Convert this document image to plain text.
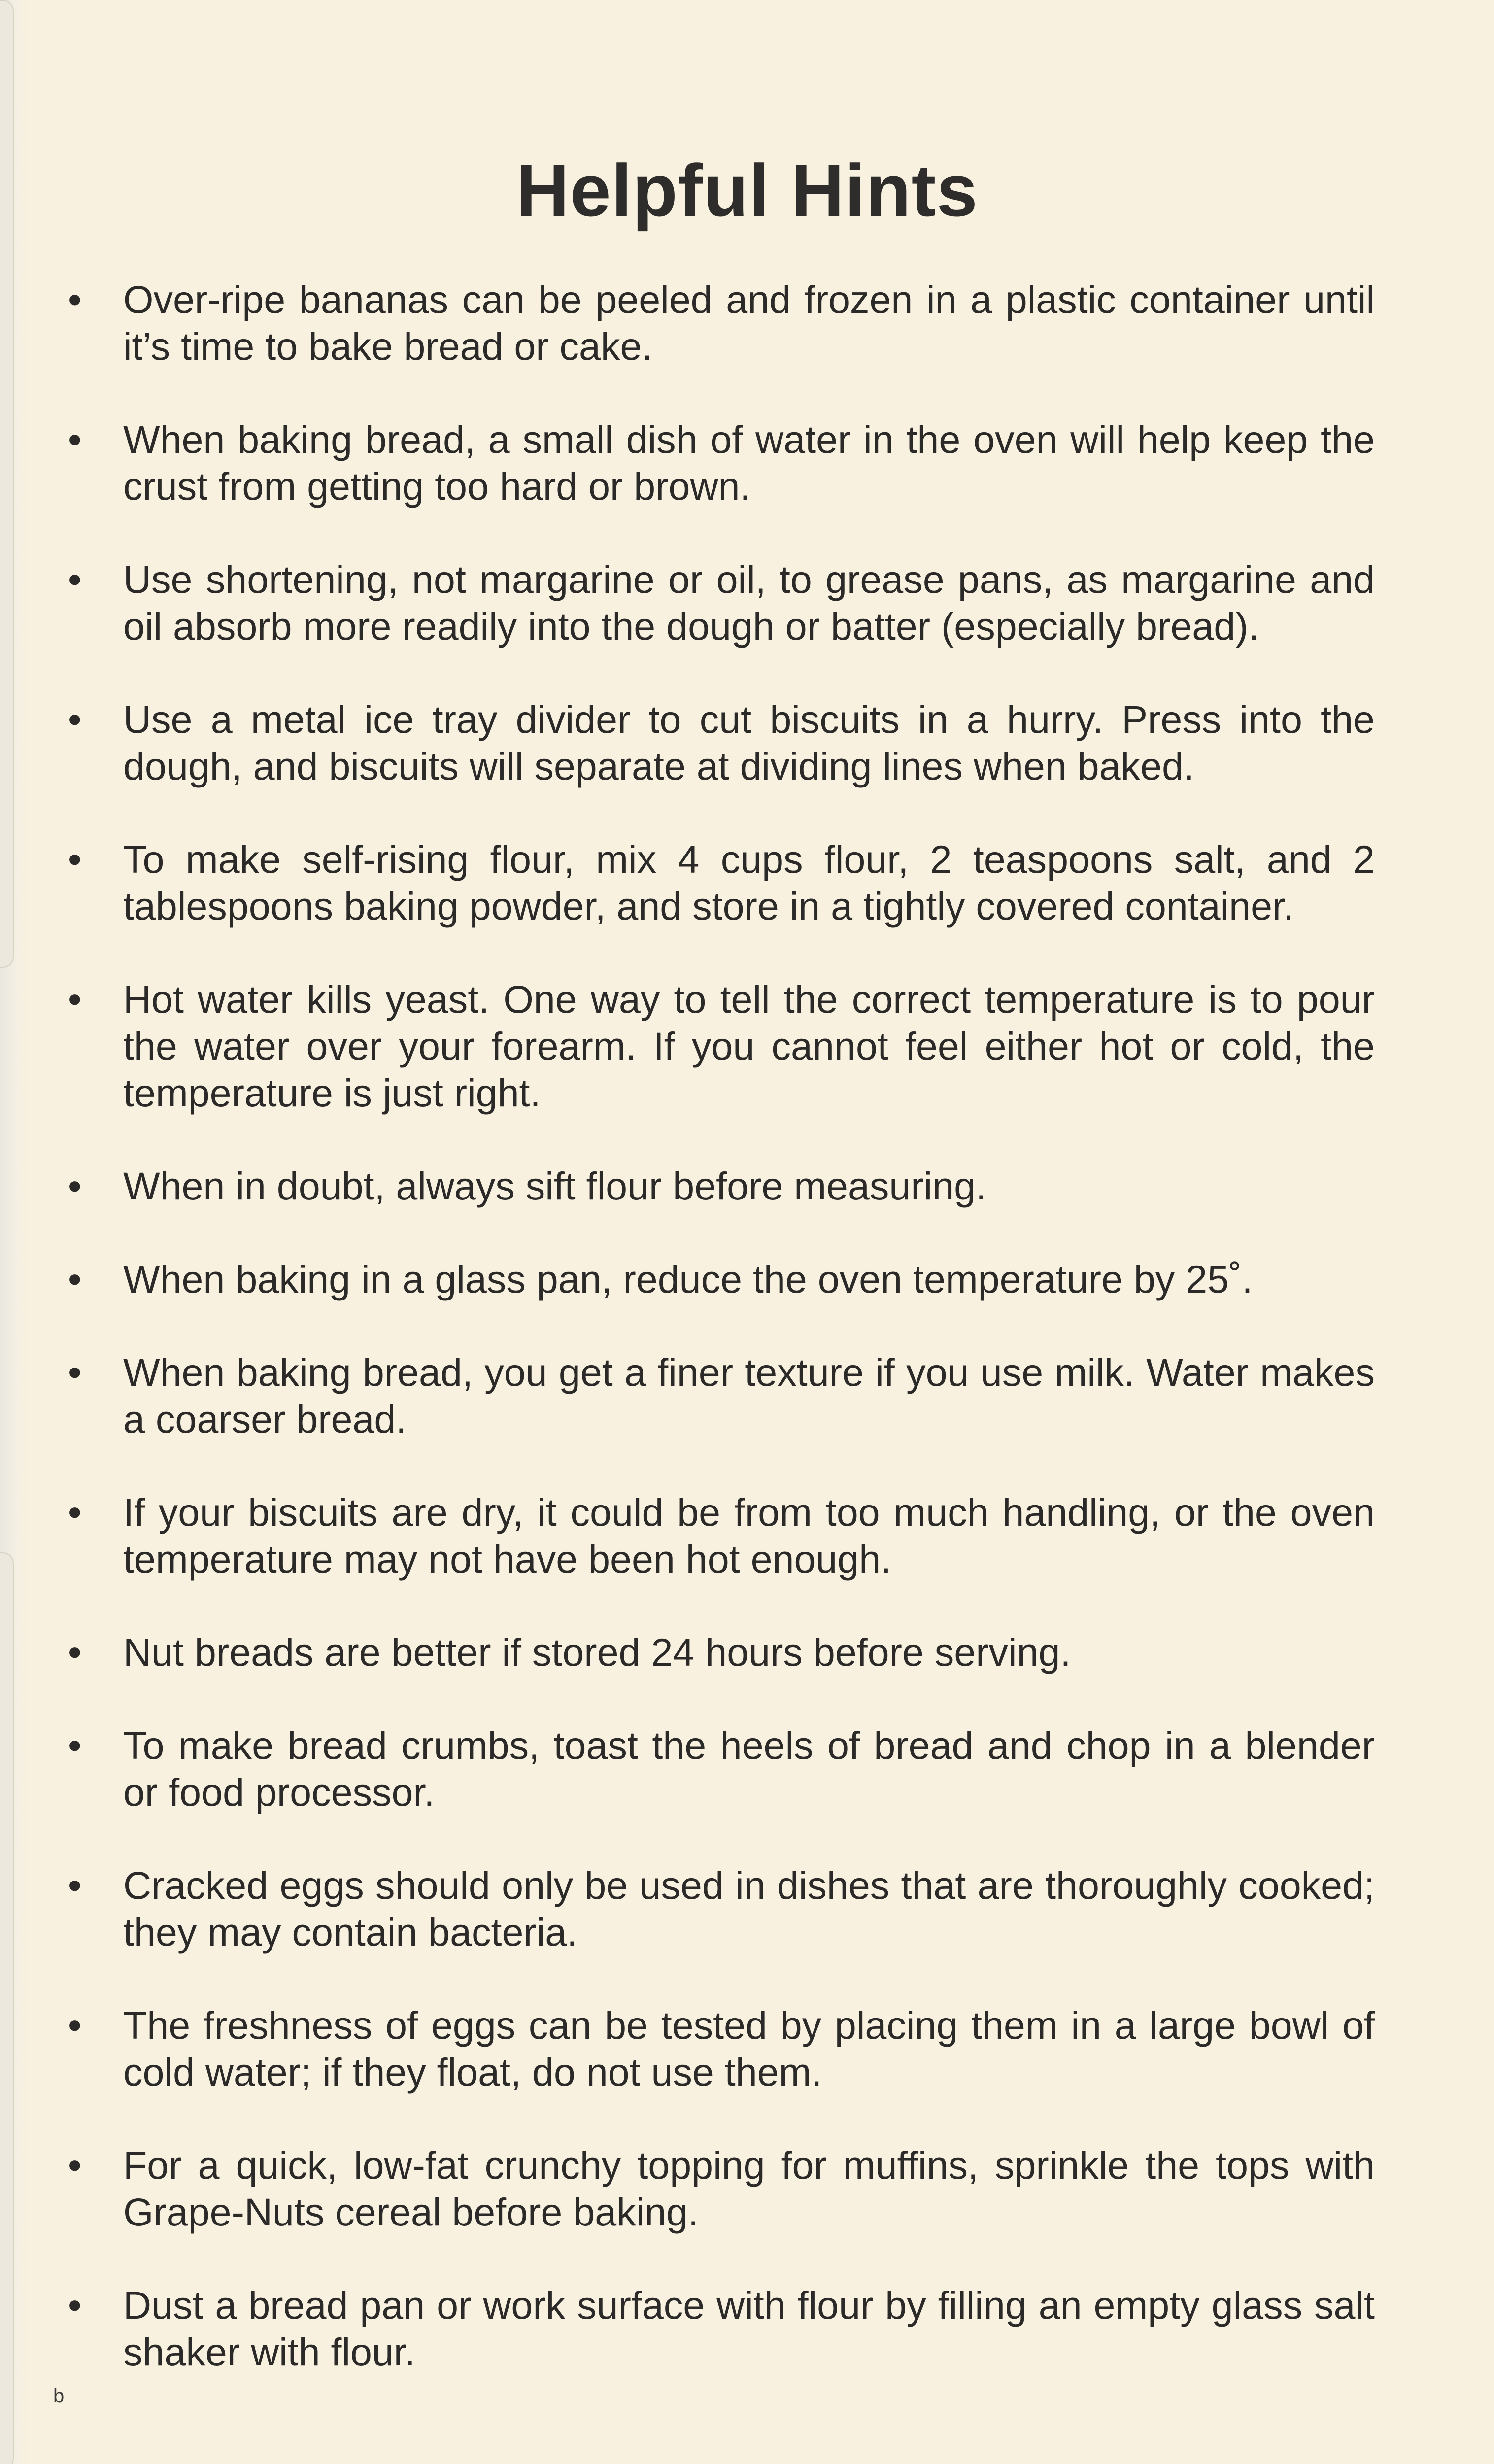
Helpful Hints
• Over-ripe bananas can be peeled and frozen in a plastic container until it’s time to bake bread or cake.
• When baking bread, a small dish of water in the oven will help keep the crust from getting too hard or brown.
• Use shortening, not margarine or oil, to grease pans, as margarine and oil absorb more readily into the dough or batter (especially bread).
• Use a metal ice tray divider to cut biscuits in a hurry. Press into the dough, and biscuits will separate at dividing lines when baked.
• To make self-rising flour, mix 4 cups flour, 2 teaspoons salt, and 2 tablespoons baking powder, and store in a tightly covered container.
• Hot water kills yeast. One way to tell the correct temperature is to pour the water over your forearm. If you cannot feel either hot or cold, the temperature is just right.
• When in doubt, always sift flour before measuring.
• When baking in a glass pan, reduce the oven temperature by 25˚.
• When baking bread, you get a finer texture if you use milk. Water makes a coarser bread.
• If your biscuits are dry, it could be from too much handling, or the oven temperature may not have been hot enough.
• Nut breads are better if stored 24 hours before serving.
• To make bread crumbs, toast the heels of bread and chop in a blender or food processor.
• Cracked eggs should only be used in dishes that are thoroughly cooked; they may contain bacteria.
• The freshness of eggs can be tested by placing them in a large bowl of cold water; if they float, do not use them.
• For a quick, low-fat crunchy topping for muffins, sprinkle the tops with Grape-Nuts cereal before baking.
• Dust a bread pan or work surface with flour by filling an empty glass salt shaker with flour.
b
